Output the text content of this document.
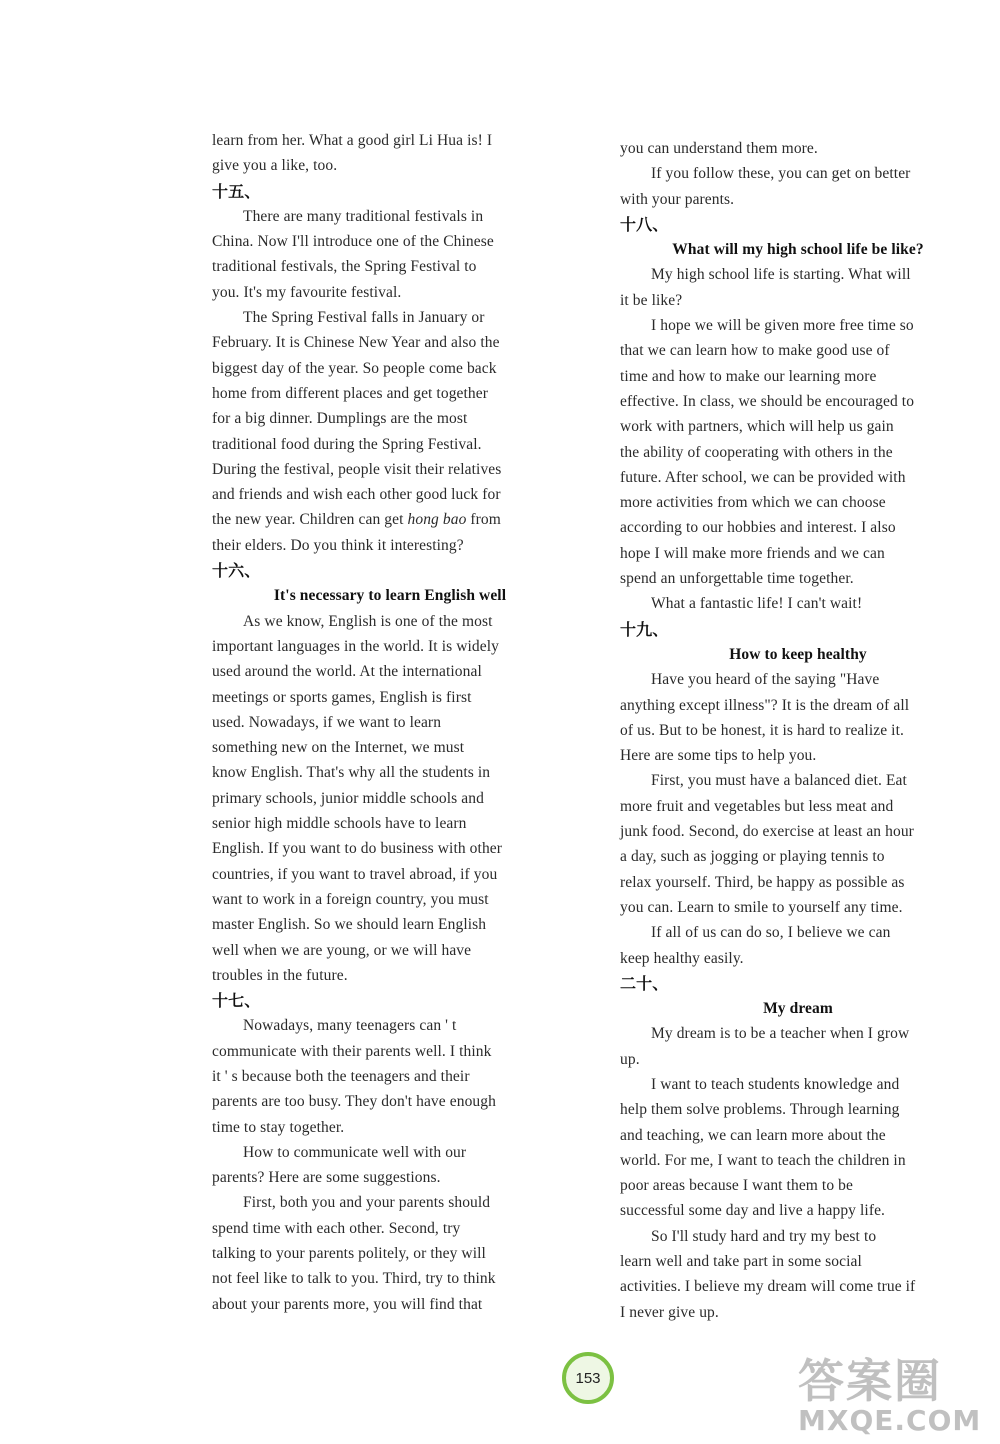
learn from her. What a good girl Li Hua is! I
give you a like, too.
十五、
There are many traditional festivals in
China. Now I'll introduce one of the Chinese
traditional festivals, the Spring Festival to
you. It's my favourite festival.
The Spring Festival falls in January or
February. It is Chinese New Year and also the
biggest day of the year. So people come back
home from different places and get together
for a big dinner. Dumplings are the most
traditional food during the Spring Festival.
During the festival, people visit their relatives
and friends and wish each other good luck for
the new year. Children can get hong bao from
their elders. Do you think it interesting?
十六、
It's necessary to learn English well
As we know, English is one of the most
important languages in the world. It is widely
used around the world. At the international
meetings or sports games, English is first
used. Nowadays, if we want to learn
something new on the Internet, we must
know English. That's why all the students in
primary schools, junior middle schools and
senior high middle schools have to learn
English. If you want to do business with other
countries, if you want to travel abroad, if you
want to work in a foreign country, you must
master English. So we should learn English
well when we are young, or we will have
troubles in the future.
十七、
Nowadays, many teenagers can ' t
communicate with their parents well. I think
it ' s because both the teenagers and their
parents are too busy. They don't have enough
time to stay together.
How to communicate well with our
parents? Here are some suggestions.
First, both you and your parents should
spend time with each other. Second, try
talking to your parents politely, or they will
not feel like to talk to you. Third, try to think
about your parents more, you will find that
you can understand them more.
If you follow these, you can get on better
with your parents.
十八、
What will my high school life be like?
My high school life is starting. What will
it be like?
I hope we will be given more free time so
that we can learn how to make good use of
time and how to make our learning more
effective. In class, we should be encouraged to
work with partners, which will help us gain
the ability of cooperating with others in the
future. After school, we can be provided with
more activities from which we can choose
according to our hobbies and interest. I also
hope I will make more friends and we can
spend an unforgettable time together.
What a fantastic life! I can't wait!
十九、
How to keep healthy
Have you heard of the saying "Have
anything except illness"? It is the dream of all
of us. But to be honest, it is hard to realize it.
Here are some tips to help you.
First, you must have a balanced diet. Eat
more fruit and vegetables but less meat and
junk food. Second, do exercise at least an hour
a day, such as jogging or playing tennis to
relax yourself. Third, be happy as possible as
you can. Learn to smile to yourself any time.
If all of us can do so, I believe we can
keep healthy easily.
二十、
My dream
My dream is to be a teacher when I grow
up.
I want to teach students knowledge and
help them solve problems. Through learning
and teaching, we can learn more about the
world. For me, I want to teach the children in
poor areas because I want them to be
successful some day and live a happy life.
So I'll study hard and try my best to
learn well and take part in some social
activities. I believe my dream will come true if
I never give up.
153	答案圈
MXQE.COM
